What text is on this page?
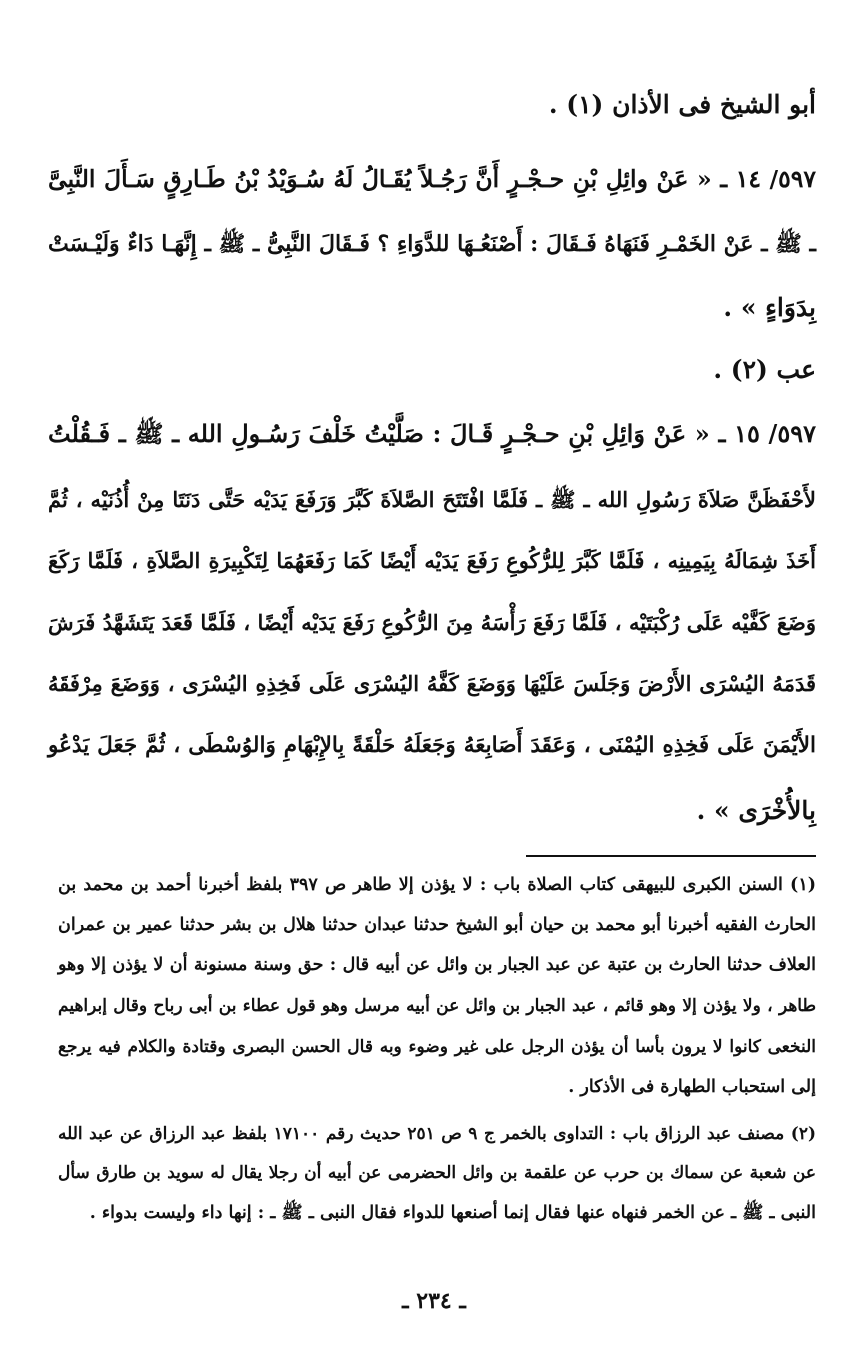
أبو الشيخ فى الأذان (١) .
٥٩٧/ ١٤ ـ « عَنْ وائِلِ بْنِ حـجْـرٍ أَنَّ رَجُـلاً يُقَـالُ لَهُ سُـوَيْدُ بْنُ طَـارِقٍ سَـأَلَ النَّبِىَّ
ـ ﷺ ـ عَنْ الخَمْـرِ فَنَهَاهُ فَـقَالَ : أَصْنَعُـهَا للدَّوَاءِ ؟ فَـقَالَ النَّبِىُّ ـ ﷺ ـ إِنَّهَـا دَاءٌ وَلَيْـسَتْ
بِدَوَاءٍ » .
عب (٢) .
٥٩٧/ ١٥ ـ « عَنْ وَائِلِ بْنِ حـجْـرٍ قَـالَ : صَلَّيْتُ خَلْفَ رَسُـولِ الله ـ ﷺ ـ فَـقُلْتُ
لأَحْفَظَنَّ صَلاَةَ رَسُولِ الله ـ ﷺ ـ فَلَمَّا افْتَتَحَ الصَّلاَةَ كَبَّرَ وَرَفَعَ يَدَيْه حَتَّى دَنَتَا مِنْ أُذُنَيْه ، ثُمَّ
أَخَذَ شِمَالَهُ بِيَمِينِه ، فَلَمَّا كَبَّرَ لِلرُّكُوعِ رَفَعَ يَدَيْه أَيْضًا كَمَا رَفَعَهُمَا لِتَكْبِيرَةِ الصَّلاَةِ ، فَلَمَّا رَكَعَ
وَضَعَ كَفَّيْه عَلَى رُكْبَتَيْه ، فَلَمَّا رَفَعَ رَأْسَهُ مِنَ الرُّكُوعِ رَفَعَ يَدَيْه أَيْضًا ، فَلَمَّا قَعَدَ يَتَشَهَّدُ فَرَشَ
قَدَمَهُ اليُسْرَى الأَرْضَ وَجَلَسَ عَلَيْهَا وَوَضَعَ كَفَّهُ اليُسْرَى عَلَى فَخِذِهِ اليُسْرَى ، وَوَضَعَ مِرْفَقَهُ
الأَيْمَنَ عَلَى فَخِذِهِ اليُمْنَى ، وَعَقَدَ أَصَابِعَهُ وَجَعَلَهُ حَلْقَةً بِالإِبْهَامِ وَالوُسْطَى ، ثُمَّ جَعَلَ يَدْعُو
بِالأُخْرَى » .
(١) السنن الكبرى للبيهقى كتاب الصلاة باب : لا يؤذن إلا طاهر ص ٣٩٧ بلفظ أخبرنا أحمد بن محمد بن
الحارث الفقيه أخبرنا أبو محمد بن حيان أبو الشيخ حدثنا عبدان حدثنا هلال بن بشر حدثنا عمير بن عمران
العلاف حدثنا الحارث بن عتبة عن عبد الجبار بن وائل عن أبيه قال : حق وسنة مسنونة أن لا يؤذن إلا وهو
طاهر ، ولا يؤذن إلا وهو قائم ، عبد الجبار بن وائل عن أبيه مرسل وهو قول عطاء بن أبى رباح وقال إبراهيم
النخعى كانوا لا يرون بأسا أن يؤذن الرجل على غير وضوء وبه قال الحسن البصرى وقتادة والكلام فيه يرجع
إلى استحباب الطهارة فى الأذكار .
(٢) مصنف عبد الرزاق باب : التداوى بالخمر ج ٩ ص ٢٥١ حديث رقم ١٧١٠٠ بلفظ عبد الرزاق عن عبد الله
عن شعبة عن سماك بن حرب عن علقمة بن وائل الحضرمى عن أبيه أن رجلا يقال له سويد بن طارق سأل
النبى ـ ﷺ ـ عن الخمر فنهاه عنها فقال إنما أصنعها للدواء فقال النبى ـ ﷺ ـ : إنها داء وليست بدواء .
ـ ٢٣٤ ـ
